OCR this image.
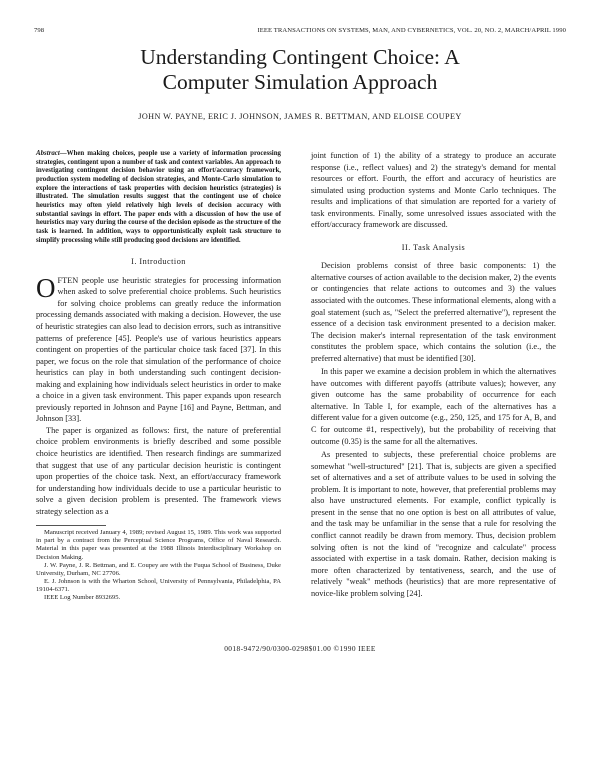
798	IEEE TRANSACTIONS ON SYSTEMS, MAN, AND CYBERNETICS, VOL. 20, NO. 2, MARCH/APRIL 1990
Understanding Contingent Choice: A
Computer Simulation Approach
JOHN W. PAYNE, ERIC J. JOHNSON, JAMES R. BETTMAN, AND ELOISE COUPEY

Abstract—When making choices, people use a variety of information processing strategies, contingent upon a number of task and context variables. An approach to investigating contingent decision behavior using an effort/accuracy framework, production system modeling of decision strategies, and Monte-Carlo simulation to explore the interactions of task properties with decision heuristics (strategies) is illustrated. The simulation results suggest that the contingent use of choice heuristics may often yield relatively high levels of decision accuracy with substantial savings in effort. The paper ends with a discussion of how the use of heuristics may vary during the course of the decision episode as the structure of the task is learned. In addition, ways to opportunistically exploit task structure to simplify processing while still producing good decisions are identified.

I. Introduction

OFTEN people use heuristic strategies for processing information when asked to solve preferential choice problems. Such heuristics for solving choice problems can greatly reduce the information processing demands associated with making a decision. However, the use of heuristic strategies can also lead to decision errors, such as intransitive patterns of preference [45]. People's use of various heuristics appears contingent on properties of the particular choice task faced [37]. In this paper, we focus on the role that simulation of the performance of choice heuristics can play in both understanding such contingent decision-making and explaining how individuals select heuristics in order to make a choice in a given task environment. This paper expands upon research previously reported in Johnson and Payne [16] and Payne, Bettman, and Johnson [33].

The paper is organized as follows: first, the nature of preferential choice problem environments is briefly described and some possible choice heuristics are identified. Then research findings are summarized that suggest that use of any particular decision heuristic is contingent upon properties of the choice task. Next, an effort/accuracy framework for understanding how individuals decide to use a particular heuristic to solve a given decision problem is presented. The framework views strategy selection as a

Manuscript received January 4, 1989; revised August 15, 1989. This work was supported in part by a contract from the Perceptual Science Programs, Office of Naval Research. Material in this paper was presented at the 1988 Illinois Interdisciplinary Workshop on Decision Making.

J. W. Payne, J. R. Bettman, and E. Coupey are with the Fuqua School of Business, Duke University, Durham, NC 27706.

E. J. Johnson is with the Wharton School, University of Pennsylvania, Philadelphia, PA 19104-6371.

IEEE Log Number 8932695.

joint function of 1) the ability of a strategy to produce an accurate response (i.e., reflect values) and 2) the strategy's demand for mental resources or effort. Fourth, the effort and accuracy of heuristics are simulated using production systems and Monte Carlo techniques. The results and implications of that simulation are reported for a variety of task environments. Finally, some unresolved issues associated with the effort/accuracy framework are discussed.

II. Task Analysis

Decision problems consist of three basic components: 1) the alternative courses of action available to the decision maker, 2) the events or contingencies that relate actions to outcomes and 3) the values associated with the outcomes. These informational elements, along with a goal statement (such as, "Select the preferred alternative"), represent the essence of a decision task environment presented to a decision maker. The decision maker's internal representation of the task environment constitutes the problem space, which contains the solution (i.e., the preferred alternative) that must be identified [30].

In this paper we examine a decision problem in which the alternatives have outcomes with different payoffs (attribute values); however, any given outcome has the same probability of occurrence for each alternative. In Table I, for example, each of the alternatives has a different value for a given outcome (e.g., 250, 125, and 175 for A, B, and C for outcome #1, respectively), but the probability of receiving that outcome (0.35) is the same for all the alternatives.

As presented to subjects, these preferential choice problems are somewhat "well-structured" [21]. That is, subjects are given a specified set of alternatives and a set of attribute values to be used in solving the problem. It is important to note, however, that preferential problems may also have unstructured elements. For example, conflict typically is present in the sense that no one option is best on all attributes of value, and the task may be unfamiliar in the sense that a rule for resolving the conflict cannot readily be drawn from memory. Thus, decision problem solving often is not the kind of "recognize and calculate" process associated with expertise in a task domain. Rather, decision making is more often characterized by tentativeness, search, and the use of relatively "weak" methods (heuristics) that are more representative of novice-like problem solving [24].

0018-9472/90/0300-0298$01.00 ©1990 IEEE
